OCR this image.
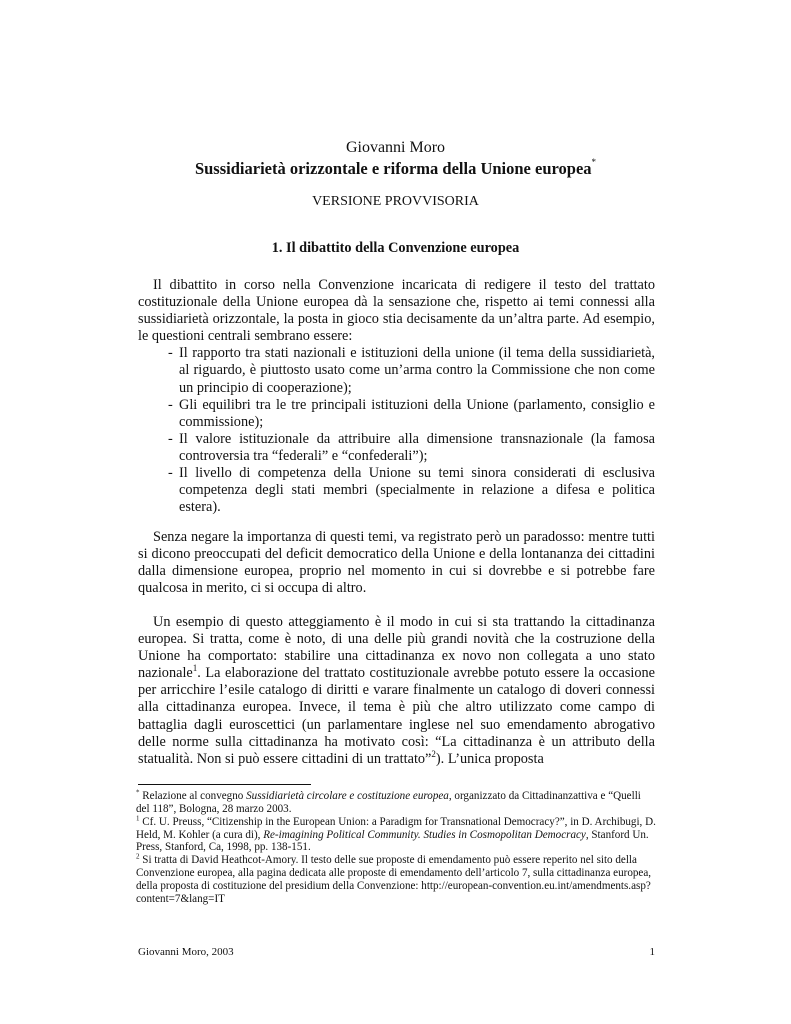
Giovanni Moro
Sussidiarietà orizzontale e riforma della Unione europea*
VERSIONE PROVVISORIA
1. Il dibattito della Convenzione europea

Il dibattito in corso nella Convenzione incaricata di redigere il testo del trattato costituzionale della Unione europea dà la sensazione che, rispetto ai temi connessi alla sussidiarietà orizzontale, la posta in gioco stia decisamente da un’altra parte. Ad esempio, le questioni centrali sembrano essere:

- Il rapporto tra stati nazionali e istituzioni della unione (il tema della sussidiarietà, al riguardo, è piuttosto usato come un’arma contro la Commissione che non come un principio di cooperazione);
- Gli equilibri tra le tre principali istituzioni della Unione (parlamento, consiglio e commissione);
- Il valore istituzionale da attribuire alla dimensione transnazionale (la famosa controversia tra “federali” e “confederali”);
- Il livello di competenza della Unione su temi sinora considerati di esclusiva competenza degli stati membri (specialmente in relazione a difesa e politica estera).

Senza negare la importanza di questi temi, va registrato però un paradosso: mentre tutti si dicono preoccupati del deficit democratico della Unione e della lontananza dei cittadini dalla dimensione europea, proprio nel momento in cui si dovrebbe e si potrebbe fare qualcosa in merito, ci si occupa di altro.

Un esempio di questo atteggiamento è il modo in cui si sta trattando la cittadinanza europea. Si tratta, come è noto, di una delle più grandi novità che la costruzione della Unione ha comportato: stabilire una cittadinanza ex novo non collegata a uno stato nazionale$^1$. La elaborazione del trattato costituzionale avrebbe potuto essere la occasione per arricchire l’esile catalogo di diritti e varare finalmente un catalogo di doveri connessi alla cittadinanza europea. Invece, il tema è più che altro utilizzato come campo di battaglia dagli euroscettici (un parlamentare inglese nel suo emendamento abrogativo delle norme sulla cittadinanza ha motivato così: “La cittadinanza è un attributo della statualità. Non si può essere cittadini di un trattato”$^2$). L’unica proposta

* Relazione al convegno Sussidiarietà circolare e costituzione europea, organizzato da Cittadinanzattiva e “Quelli del 118”, Bologna, 28 marzo 2003.

$^1$ Cf. U. Preuss, “Citizenship in the European Union: a Paradigm for Transnational Democracy?”, in D. Archibugi, D. Held, M. Kohler (a cura di), Re-imagining Political Community. Studies in Cosmopolitan Democracy, Stanford Un. Press, Stanford, Ca, 1998, pp. 138-151.

$^2$ Si tratta di David Heathcot-Amory. Il testo delle sue proposte di emendamento può essere reperito nel sito della Convenzione europea, alla pagina dedicata alle proposte di emendamento dell’articolo 7, sulla cittadinanza europea, della proposta di costituzione del presidium della Convenzione: http://european-convention.eu.int/amendments.asp?content=7&lang=IT

Giovanni Moro, 2003	1
